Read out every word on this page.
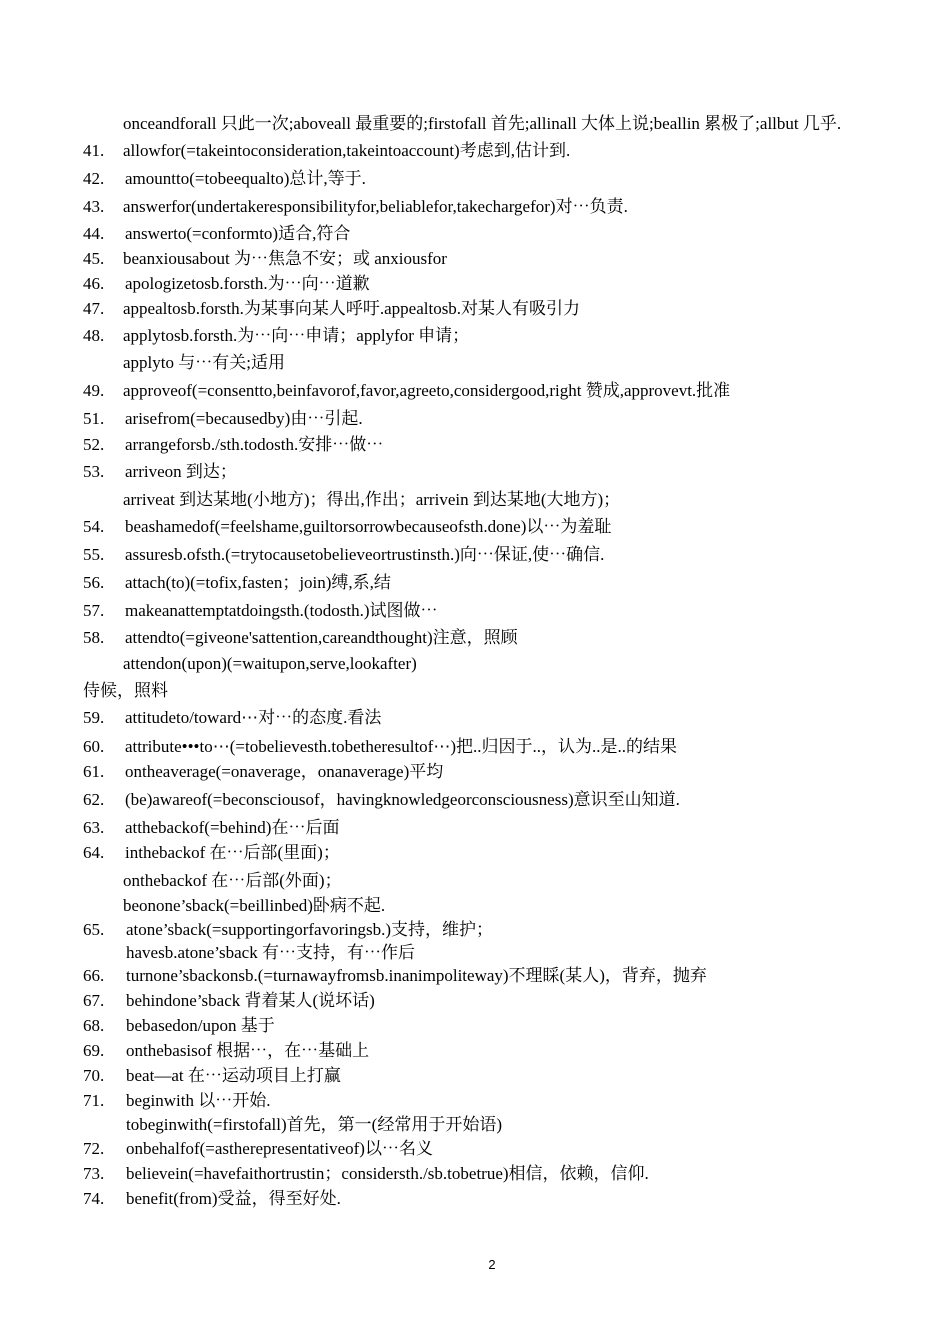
onceandforall 只此一次;aboveall 最重要的;firstofall 首先;allinall 大体上说;beallin 累极了;allbut 几乎.
41.	allowfor(=takeintoconsideration,takeintoaccount)考虑到,估计到.
42.	amountto(=tobeequalto)总计,等于.
43.	answerfor(undertakeresponsibilityfor,beliablefor,takechargefor)对⋯负责.
44.	answerto(=conformto)适合,符合
45.	beanxiousabout 为⋯焦急不安；或 anxiousfor
46.	apologizetosb.forsth.为⋯向⋯道歉
47.	appealtosb.forsth.为某事向某人呼吁.appealtosb.对某人有吸引力
48.	applytosb.forsth.为⋯向⋯申请；applyfor 申请；
applyto 与⋯有关;适用
49.	approveof(=consentto,beinfavorof,favor,agreeto,considergood,right 赞成,approvevt.批准
51.	arisefrom(=becausedby)由⋯引起.
52.	arrangeforsb./sth.todosth.安排⋯做⋯
53.	arriveon 到达；
arriveat 到达某地(小地方)；得出,作出；arrivein 到达某地(大地方)；
54.	beashamedof(=feelshame,guiltorsorrowbecauseofsth.done)以⋯为羞耻
55.	assuresb.ofsth.(=trytocausetobelieveortrustinsth.)向⋯保证,使⋯确信.
56.	attach(to)(=tofix,fasten；join)缚,系,结
57.	makeanattemptatdoingsth.(todosth.)试图做⋯
58.	attendto(=giveone'sattention,careandthought)注意，照顾
attendon(upon)(=waitupon,serve,lookafter)
侍候，照料
59.	attitudeto/toward⋯对⋯的态度.看法
60.	attribute•••to⋯(=tobelievesth.tobetheresultof⋯)把..归因于..，认为..是..的结果
61.	ontheaverage(=onaverage，onanaverage)平均
62.	(be)awareof(=beconsciousof，havingknowledgeorconsciousness)意识至山知道.
63.	atthebackof(=behind)在⋯后面
64.	inthebackof 在⋯后部(里面)；
onthebackof 在⋯后部(外面)；
beonone’sback(=beillinbed)卧病不起.
65.	atone’sback(=supportingorfavoringsb.)支持，维护；
havesb.atone’sback 有⋯支持，有⋯作后
66.	turnone’sbackonsb.(=turnawayfromsb.inanimpoliteway)不理睬(某人)，背弃，抛弃
67.	behindone’sback 背着某人(说坏话)
68.	bebasedon/upon 基于
69.	onthebasisof 根据⋯，在⋯基础上
70.	beat—at 在⋯运动项目上打赢
71.	beginwith 以⋯开始.
tobeginwith(=firstofall)首先，第一(经常用于开始语)
72.	onbehalfof(=astherepresentativeof)以⋯名义
73.	believein(=havefaithortrustin；considersth./sb.tobetrue)相信，依赖，信仰.
74.	benefit(from)受益，得至好处.
2
